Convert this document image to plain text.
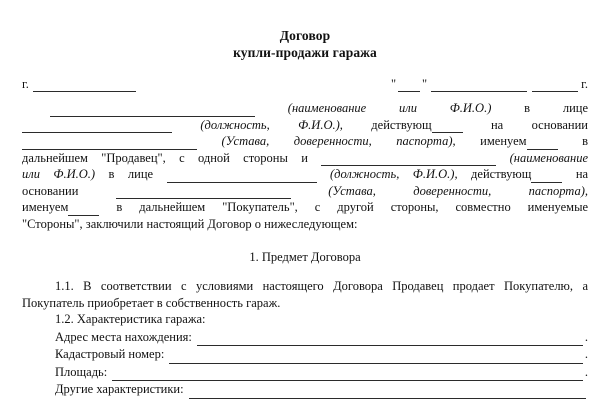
Договор
купли-продажи гаража
г.	" "	г.
(наименование или Ф.И.О.)	в лице
(должность, Ф.И.О.), действующ	на основании
(Устава, доверенности, паспорта), именуем	в
дальнейшем "Продавец", с одной стороны и	(наименование
или Ф.И.О.) в лице	(должность, Ф.И.О.), действующ	на
основании	(Устава, доверенности, паспорта),
именуем	в дальнейшем "Покупатель", с другой стороны, совместно именуемые
"Стороны", заключили настоящий Договор о нижеследующем:
1. Предмет Договора
1.1. В соответствии с условиями настоящего Договора Продавец продает Покупателю, а Покупатель приобретает в собственность гараж.
1.2. Характеристика гаража:
Адрес места нахождения:	.
Кадастровый номер:	.
Площадь:	.
Другие характеристики:
